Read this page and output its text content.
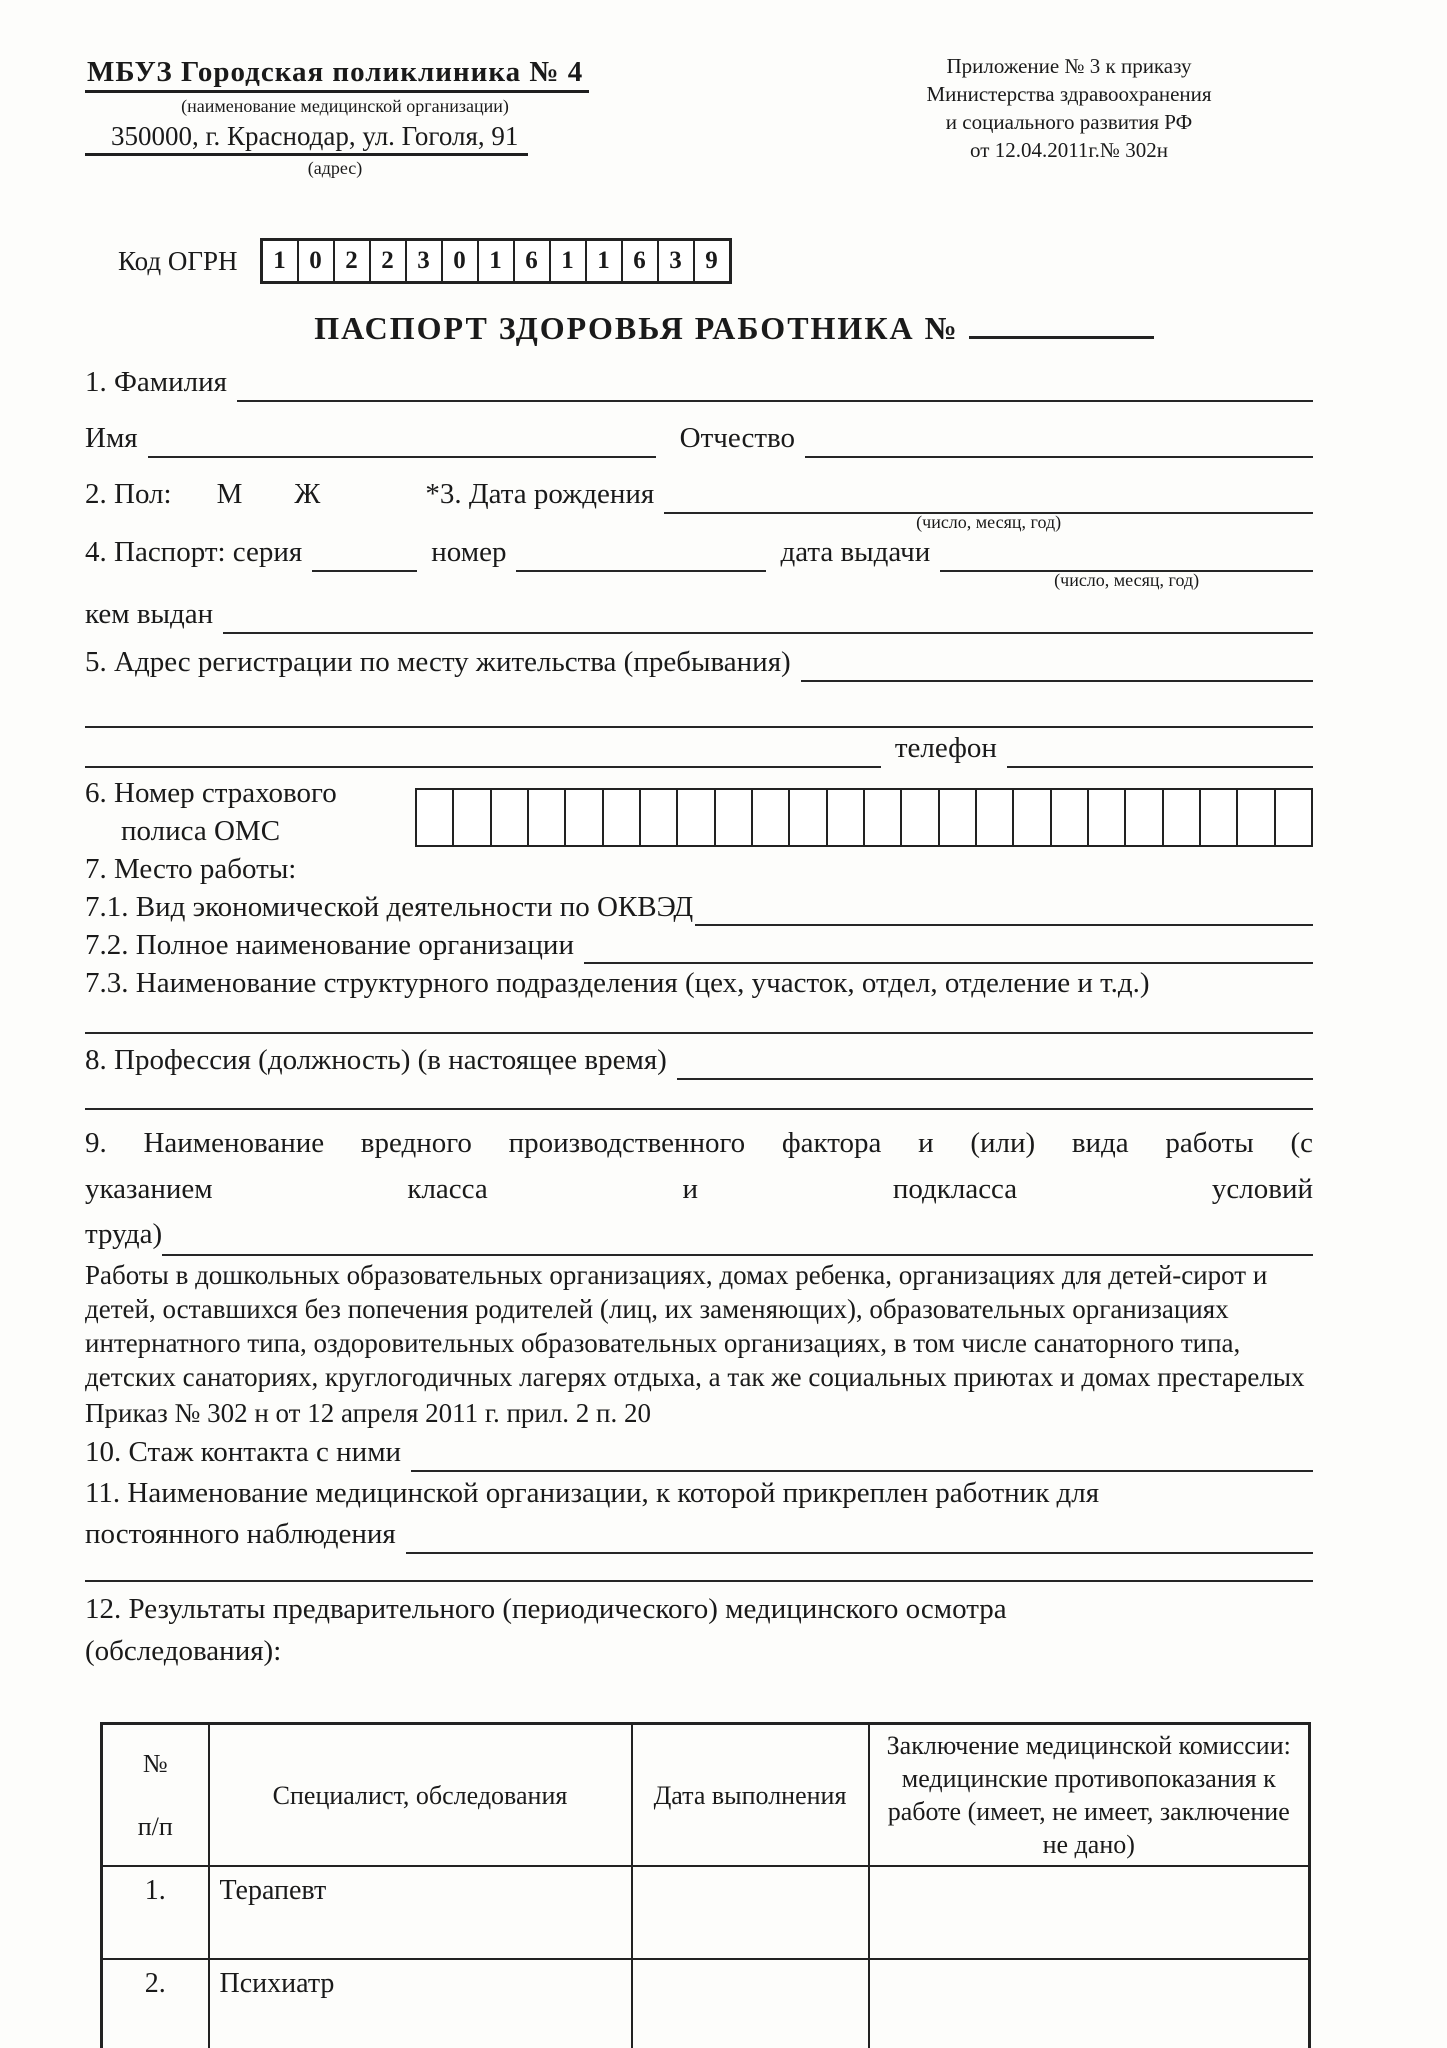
МБУЗ Городская поликлиника № 4
(наименование медицинской организации)
350000, г. Краснодар, ул. Гоголя, 91
(адрес)
Приложение № 3 к приказу
Министерства здравоохранения
и социального развития РФ
от 12.04.2011г.№ 302н
Код ОГРН	1 0 2 2 3 0 1 6 1 1 6 3 9
ПАСПОРТ ЗДОРОВЬЯ РАБОТНИКА №
1. Фамилия
Имя	Отчество
2. Пол: М Ж	*3. Дата рождения
(число, месяц, год)
4. Паспорт: серия	номер	дата выдачи
(число, месяц, год)
кем выдан
5. Адрес регистрации по месту жительства (пребывания)
телефон
6. Номер страхового
полиса ОМС
7. Место работы:
7.1. Вид экономической деятельности по ОКВЭД
7.2. Полное наименование организации
7.3. Наименование структурного подразделения (цех, участок, отдел, отделение и т.д.)
8. Профессия (должность) (в настоящее время)
9. Наименование вредного производственного фактора и (или) вида работы (с
указанием класса и подкласса условий
труда)
Работы в дошкольных образовательных организациях, домах ребенка, организациях для детей-сирот и детей, оставшихся без попечения родителей (лиц, их заменяющих), образовательных организациях интернатного типа, оздоровительных образовательных организациях, в том числе санаторного типа, детских санаториях, круглогодичных лагерях отдыха, а так же социальных приютах и домах престарелых
Приказ № 302 н от 12 апреля 2011 г. прил. 2 п. 20
10. Стаж контакта с ними
11. Наименование медицинской организации, к которой прикреплен работник для
постоянного наблюдения
12. Результаты предварительного (периодического) медицинского осмотра
(обследования):
№
п/п	Специалист, обследования	Дата выполнения	Заключение медицинской комиссии: медицинские противопоказания к работе (имеет, не имеет, заключение не дано)
1.	Терапевт		
2.	Психиатр		
